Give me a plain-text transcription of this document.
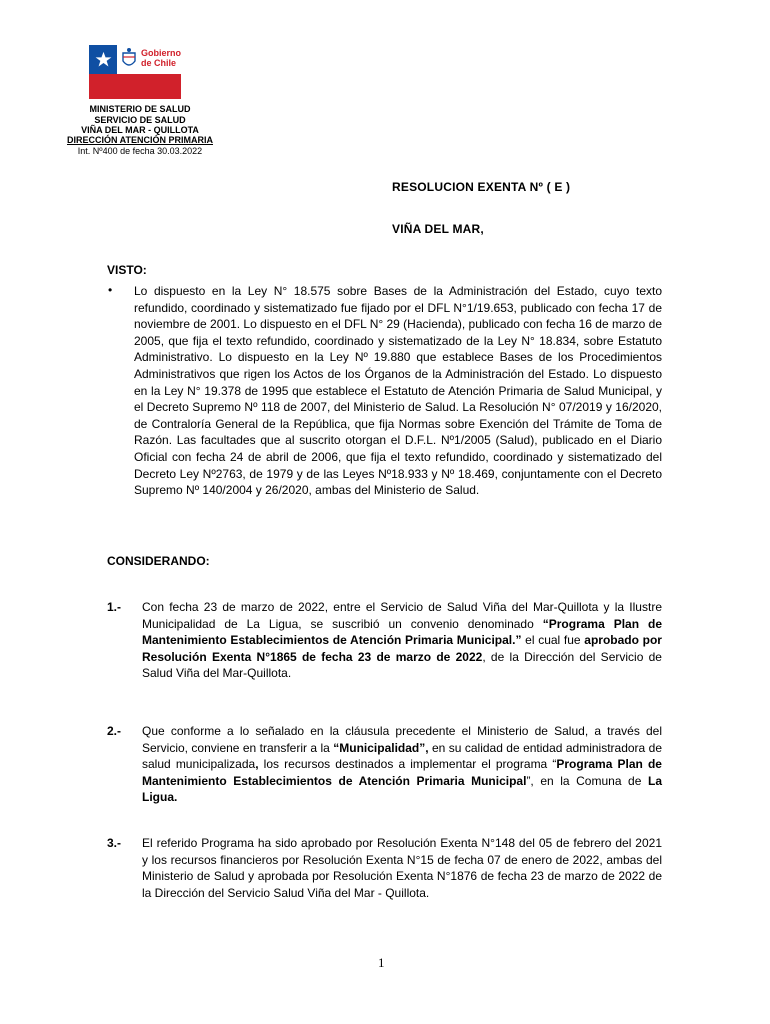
Gobierno
de Chile
MINISTERIO DE SALUD
SERVICIO DE SALUD
VIÑA DEL MAR - QUILLOTA
DIRECCIÓN ATENCIÓN PRIMARIA
Int. Nº400 de fecha 30.03.2022
RESOLUCION EXENTA Nº ( E )
VIÑA DEL MAR,
VISTO:
• Lo dispuesto en la Ley N° 18.575 sobre Bases de la Administración del Estado, cuyo texto refundido, coordinado y sistematizado fue fijado por el DFL N°1/19.653, publicado con fecha 17 de noviembre de 2001. Lo dispuesto en el DFL N° 29 (Hacienda), publicado con fecha 16 de marzo de 2005, que fija el texto refundido, coordinado y sistematizado de la Ley N° 18.834, sobre Estatuto Administrativo. Lo dispuesto en la Ley Nº 19.880 que establece Bases de los Procedimientos Administrativos que rigen los Actos de los Órganos de la Administración del Estado. Lo dispuesto en la Ley N° 19.378 de 1995 que establece el Estatuto de Atención Primaria de Salud Municipal, y el Decreto Supremo Nº 118 de 2007, del Ministerio de Salud. La Resolución N° 07/2019 y 16/2020, de Contraloría General de la República, que fija Normas sobre Exención del Trámite de Toma de Razón. Las facultades que al suscrito otorgan el D.F.L. Nº1/2005 (Salud), publicado en el Diario Oficial con fecha 24 de abril de 2006, que fija el texto refundido, coordinado y sistematizado del Decreto Ley Nº2763, de 1979 y de las Leyes Nº18.933 y Nº 18.469, conjuntamente con el Decreto Supremo Nº 140/2004 y 26/2020, ambas del Ministerio de Salud.
CONSIDERANDO:
1.- Con fecha 23 de marzo de 2022, entre el Servicio de Salud Viña del Mar-Quillota y la Ilustre Municipalidad de La Ligua, se suscribió un convenio denominado “Programa Plan de Mantenimiento Establecimientos de Atención Primaria Municipal.” el cual fue aprobado por Resolución Exenta N°1865 de fecha 23 de marzo de 2022, de la Dirección del Servicio de Salud Viña del Mar-Quillota.
2.- Que conforme a lo señalado en la cláusula precedente el Ministerio de Salud, a través del Servicio, conviene en transferir a la “Municipalidad”, en su calidad de entidad administradora de salud municipalizada, los recursos destinados a implementar el programa “Programa Plan de Mantenimiento Establecimientos de Atención Primaria Municipal”, en la Comuna de La Ligua.
3.- El referido Programa ha sido aprobado por Resolución Exenta N°148 del 05 de febrero del 2021 y los recursos financieros por Resolución Exenta N°15 de fecha 07 de enero de 2022, ambas del Ministerio de Salud y aprobada por Resolución Exenta N°1876 de fecha 23 de marzo de 2022 de la Dirección del Servicio Salud Viña del Mar - Quillota.
1
